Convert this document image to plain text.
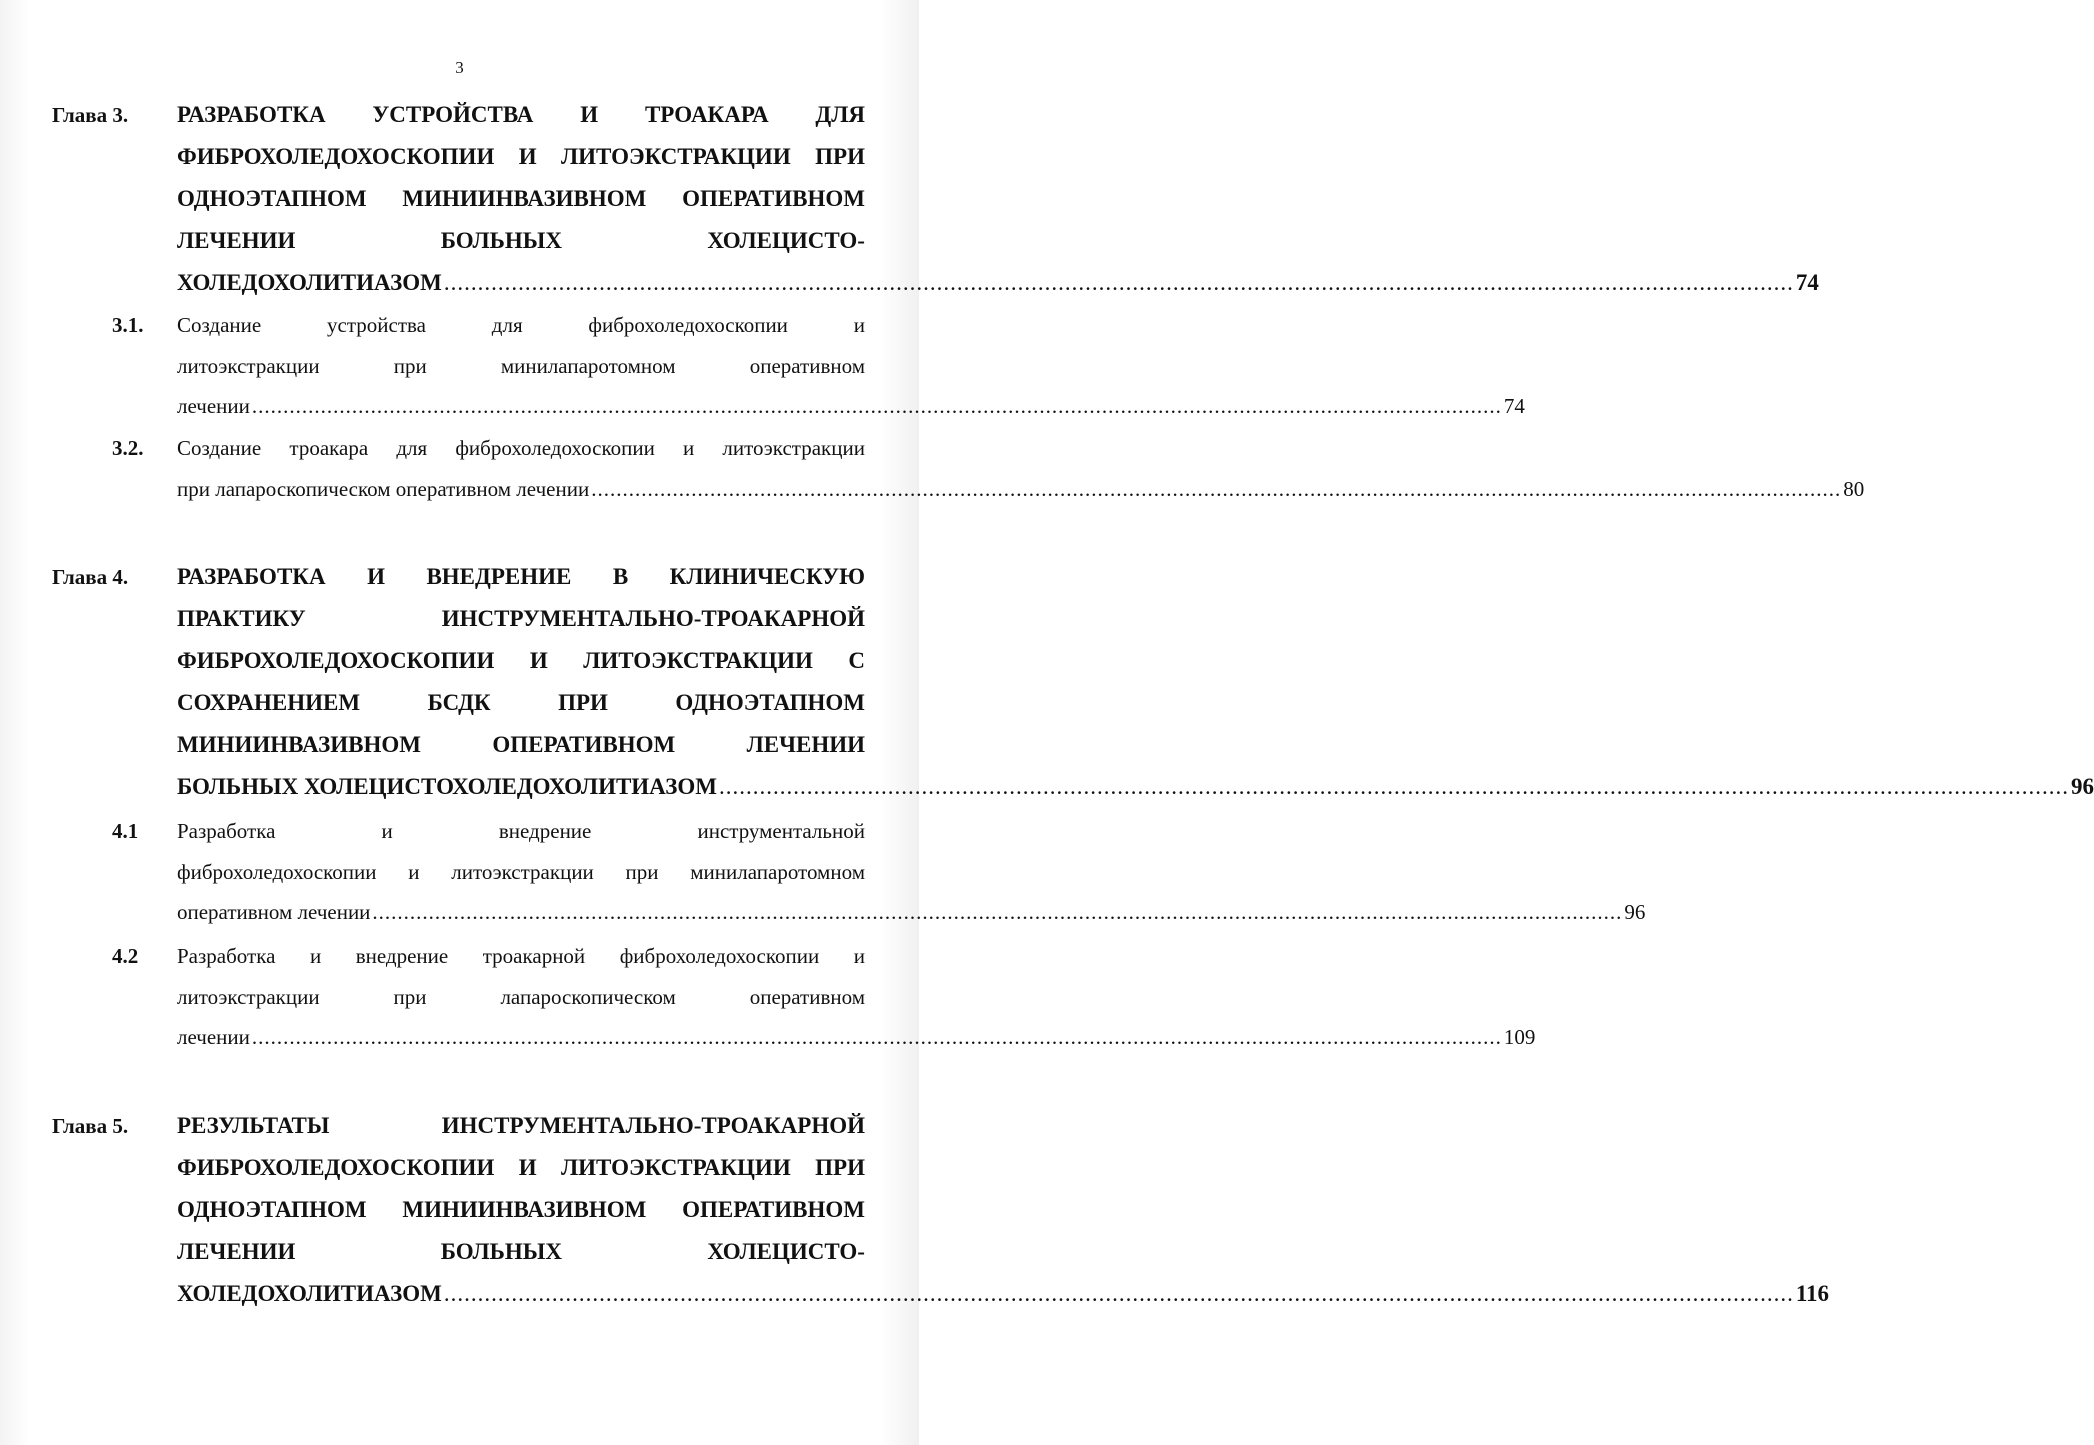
3
Глава 3. РАЗРАБОТКА УСТРОЙСТВА И ТРОАКАРА ДЛЯ
ФИБРОХОЛЕДОХОСКОПИИ И ЛИТОЭКСТРАКЦИИ ПРИ
ОДНОЭТАПНОМ МИНИИНВАЗИВНОМ ОПЕРАТИВНОМ
ЛЕЧЕНИИ	БОЛЬНЫХ	ХОЛЕЦИСТО-
ХОЛЕДОХОЛИТИАЗОМ ........................................................................................................................................................................................................ 74
3.1. Создание	устройства	для	фиброхоледохоскопии	и
литоэкстракции	при	минилапаротомном	оперативном
лечении ........................................................................................................................................................................................................ 74
3.2. Создание троакара для фиброхоледохоскопии и литоэкстракции
при лапароскопическом оперативном лечении ........................................................................................................................................................................................................ 80
Глава 4. РАЗРАБОТКА И ВНЕДРЕНИЕ В КЛИНИЧЕСКУЮ
ПРАКТИКУ	ИНСТРУМЕНТАЛЬНО-ТРОАКАРНОЙ
ФИБРОХОЛЕДОХОСКОПИИ И ЛИТОЭКСТРАКЦИИ С
СОХРАНЕНИЕМ	БСДК	ПРИ	ОДНОЭТАПНОМ
МИНИИНВАЗИВНОМ	ОПЕРАТИВНОМ	ЛЕЧЕНИИ
БОЛЬНЫХ ХОЛЕЦИСТОХОЛЕДОХОЛИТИАЗОМ ........................................................................................................................................................................................................ 96
4.1 Разработка	и	внедрение	инструментальной
фиброхоледохоскопии и литоэкстракции при минилапаротомном
оперативном лечении ........................................................................................................................................................................................................ 96
4.2 Разработка и внедрение троакарной фиброхоледохоскопии и
литоэкстракции	при	лапароскопическом	оперативном
лечении ........................................................................................................................................................................................................ 109
Глава 5. РЕЗУЛЬТАТЫ	ИНСТРУМЕНТАЛЬНО-ТРОАКАРНОЙ
ФИБРОХОЛЕДОХОСКОПИИ И ЛИТОЭКСТРАКЦИИ ПРИ
ОДНОЭТАПНОМ МИНИИНВАЗИВНОМ ОПЕРАТИВНОМ
ЛЕЧЕНИИ	БОЛЬНЫХ	ХОЛЕЦИСТО-
ХОЛЕДОХОЛИТИАЗОМ ........................................................................................................................................................................................................ 116
